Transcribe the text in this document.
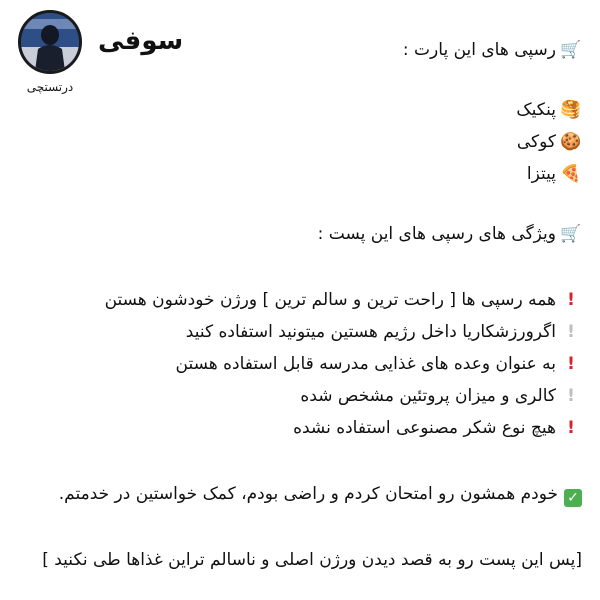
درتستچی
سوفی	🛒رسپی های این پارت :
🥞پنکیک
🍪کوکی
🍕پیتزا
🛒ویژگی های رسپی های این پست :
!همه رسپی ها [ راحت ترین و سالم ترین ] ورژن خودشون هستن
!اگرورزشکاریا داخل رژیم هستین میتونید استفاده کنید
!به عنوان وعده های غذایی مدرسه قابل استفاده هستن
!کالری و میزان پروتئین مشخص شده
!هیچ نوع شکر مصنوعی استفاده نشده
✓خودم همشون رو امتحان کردم و راضی بودم، کمک خواستین در خدمتم.
[پس این پست رو به قصد دیدن ورژن اصلی و ناسالم تراین غذاها طی نکنید ]
